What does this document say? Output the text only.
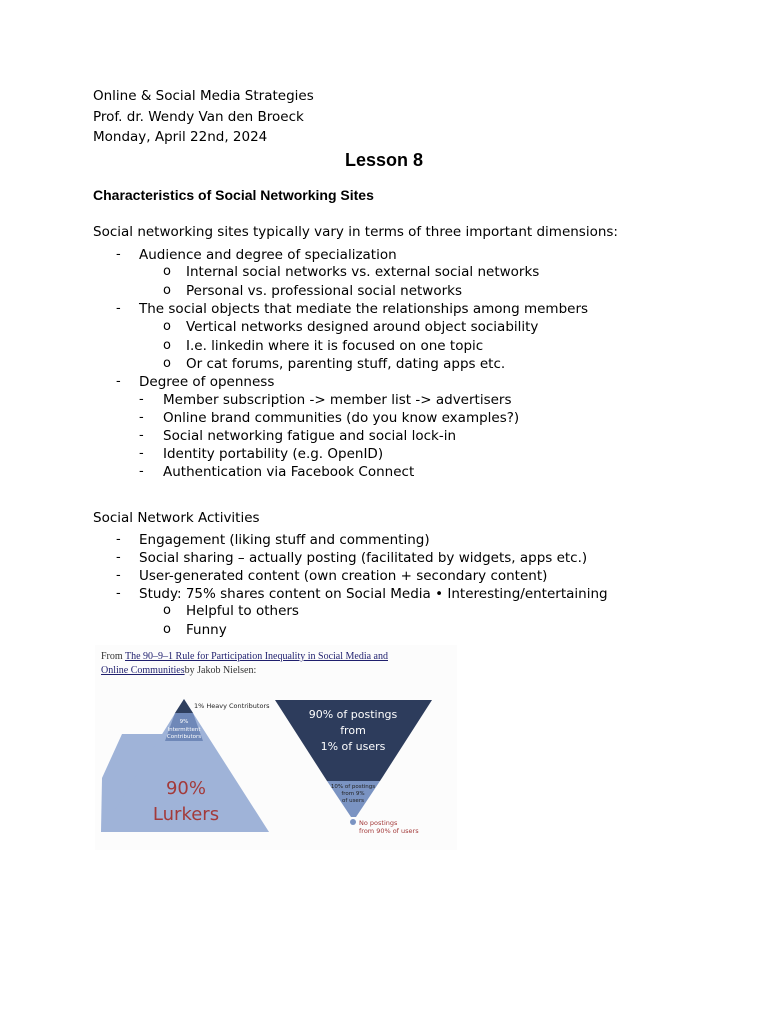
Online & Social Media Strategies
Prof. dr. Wendy Van den Broeck
Monday, April 22nd, 2024
Lesson 8
Characteristics of Social Networking Sites
Social networking sites typically vary in terms of three important dimensions:
- Audience and degree of specialization
o Internal social networks vs. external social networks
o Personal vs. professional social networks
- The social objects that mediate the relationships among members
o Vertical networks designed around object sociability
o I.e. linkedin where it is focused on one topic
o Or cat forums, parenting stuff, dating apps etc.
- Degree of openness
- Member subscription -> member list -> advertisers
- Online brand communities (do you know examples?)
- Social networking fatigue and social lock-in
- Identity portability (e.g. OpenID)
- Authentication via Facebook Connect
Social Network Activities
- Engagement (liking stuff and commenting)
- Social sharing – actually posting (facilitated by widgets, apps etc.)
- User-generated content (own creation + secondary content)
- Study: 75% shares content on Social Media • Interesting/entertaining
o Helpful to others
o Funny
From The 90–9–1 Rule for Participation Inequality in Social Media and
Online Communitiesby Jakob Nielsen:
1% Heavy Contributors
9%
Intermittent
Contributors
90%
Lurkers
90% of postings
from
1% of users
10% of postings
from 9%
of users
No postings
from 90% of users
